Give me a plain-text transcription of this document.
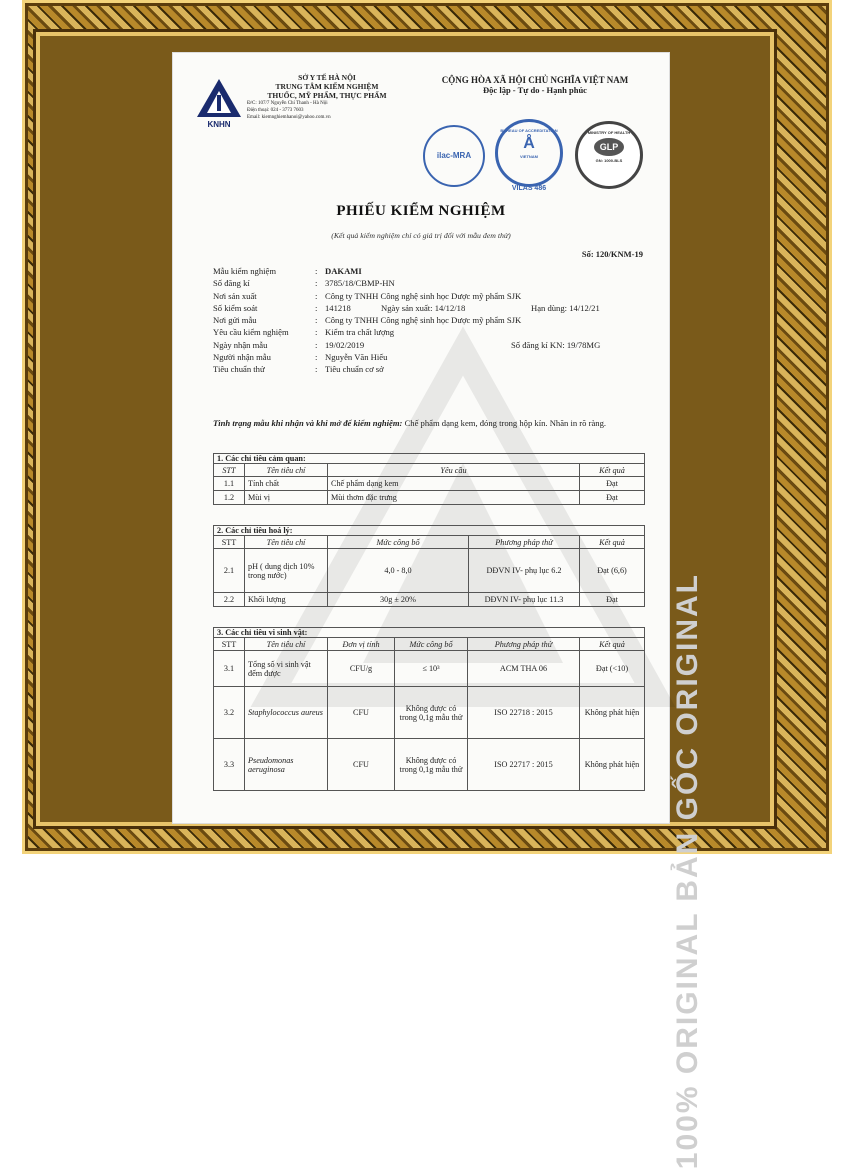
100% ORIGINAL BẢN GỐC ORIGINAL
KNHN
SỞ Y TẾ HÀ NỘI
TRUNG TÂM KIỂM NGHIỆM
THUỐC, MỸ PHẨM, THỰC PHẨM
Đ/C: 107/7 Nguyễn Chí Thanh - Hà Nội
Điện thoại: 024 - 3773 7603
Email: kiemnghiemhanoi@yahoo.com.vn
CỘNG HÒA XÃ HỘI CHỦ NGHĨA VIỆT NAM
Độc lập - Tự do - Hạnh phúc
ilac-MRA
BUREAU OF ACCREDITATION
Å
VIETNAM
VILAS 486
MINISTRY OF HEALTH
GLP
GN: 1000-BLS
PHIẾU KIỂM NGHIỆM
(Kết quả kiểm nghiệm chỉ có giá trị đối với mẫu đem thử)
Số: 120/KNM-19
Mẫu kiểm nghiệm	: DAKAMI
Số đăng kí	: 3785/18/CBMP-HN
Nơi sản xuất	: Công ty TNHH Công nghệ sinh học Dược mỹ phẩm SJK
Số kiểm soát	: 141218	Ngày sản xuất: 14/12/18	Hạn dùng: 14/12/21
Nơi gửi mẫu	: Công ty TNHH Công nghệ sinh học Dược mỹ phẩm SJK
Yêu cầu kiểm nghiệm	: Kiểm tra chất lượng
Ngày nhận mẫu	: 19/02/2019	Số đăng kí KN: 19/78MG
Người nhận mẫu	: Nguyễn Văn Hiếu
Tiêu chuẩn thử	: Tiêu chuẩn cơ sở
Tình trạng mẫu khi nhận và khi mở để kiểm nghiệm: Chế phẩm dạng kem, đóng trong hộp kín. Nhãn in rõ ràng.
1. Các chỉ tiêu cảm quan:			
STT	Tên tiêu chí	Yêu cầu	Kết quả
1.1	Tính chất	Chế phẩm dạng kem	Đạt
1.2	Mùi vị	Mùi thơm đặc trưng	Đạt
2. Các chỉ tiêu hoá lý:				
STT	Tên tiêu chí	Mức công bố	Phương pháp thử	Kết quả
2.1	pH ( dung dịch 10% trong nước)	4,0 - 8,0	DĐVN IV- phụ lục 6.2	Đạt (6,6)
2.2	Khối lượng	30g ± 20%	DĐVN IV- phụ lục 11.3	Đạt
3. Các chỉ tiêu vi sinh vật:					
STT	Tên tiêu chí	Đơn vị tính	Mức công bố	Phương pháp thử	Kết quả
3.1	Tổng số vi sinh vật đếm được	CFU/g	≤ 10³	ACM THA 06	Đạt (<10)
3.2	Staphylococcus aureus	CFU	Không được có trong 0,1g mẫu thử	ISO 22718 : 2015	Không phát hiện
3.3	Pseudomonas aeruginosa	CFU	Không được có trong 0,1g mẫu thử	ISO 22717 : 2015	Không phát hiện
